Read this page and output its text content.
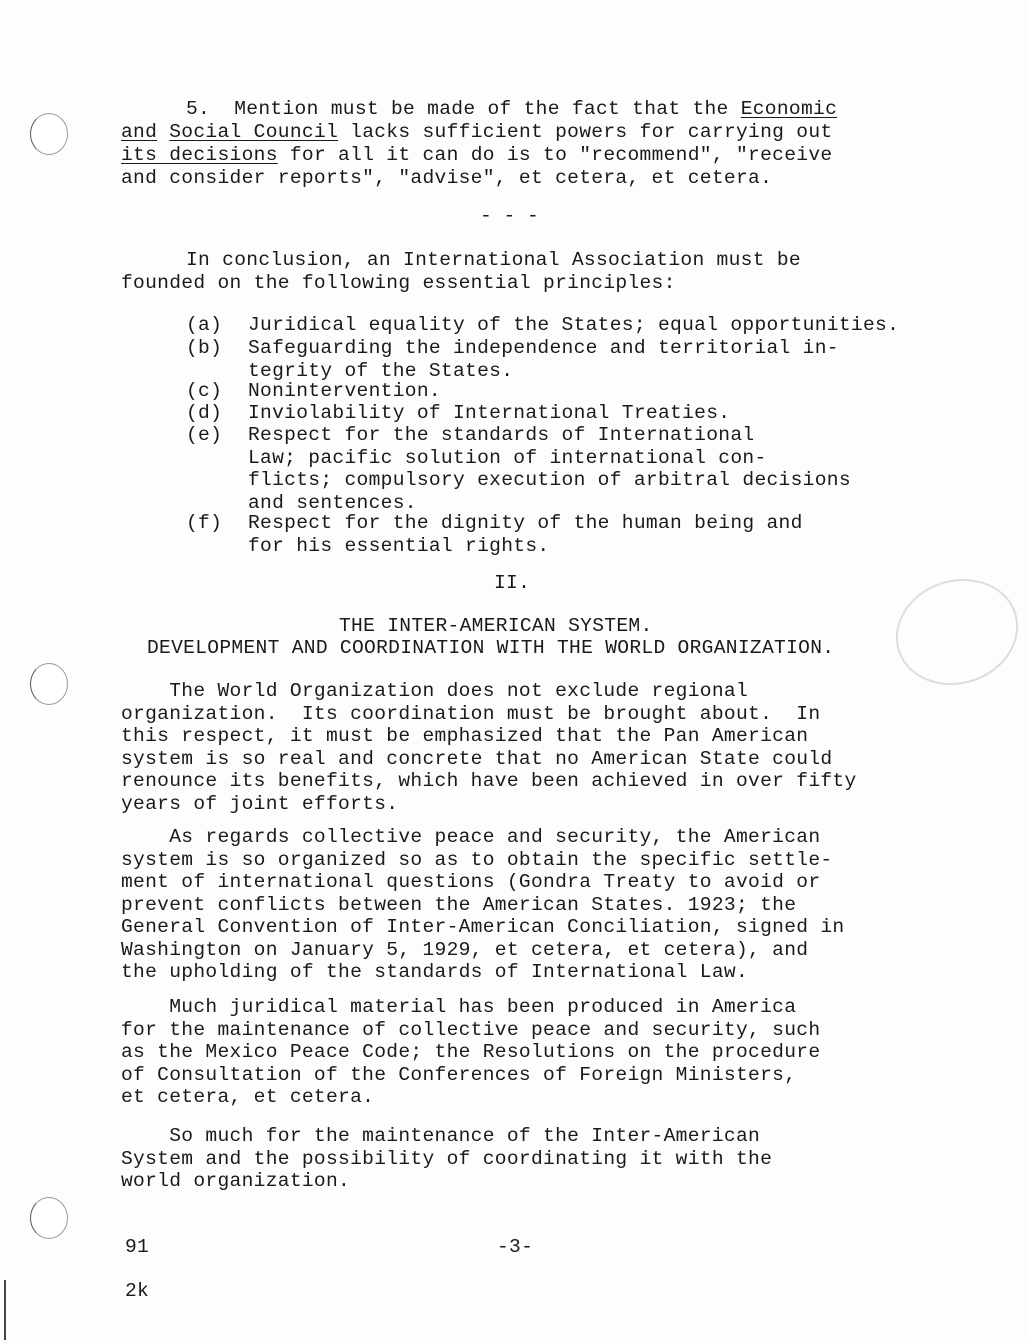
5.  Mention must be made of the fact that the Economic
and Social Council lacks sufficient powers for carrying out
its decisions for all it can do is to "recommend", "receive
and consider reports", "advise", et cetera, et cetera.
- - -
In conclusion, an International Association must be
founded on the following essential principles:
(a) Juridical equality of the States; equal opportunities.
(b) Safeguarding the independence and territorial in-
tegrity of the States.
(c) Nonintervention.
(d) Inviolability of International Treaties.
(e) Respect for the standards of International
Law; pacific solution of international con-
flicts; compulsory execution of arbitral decisions
and sentences.
(f) Respect for the dignity of the human being and
for his essential rights.
II.
THE INTER-AMERICAN SYSTEM.
DEVELOPMENT AND COORDINATION WITH THE WORLD ORGANIZATION.
The World Organization does not exclude regional
organization.  Its coordination must be brought about.  In
this respect, it must be emphasized that the Pan American
system is so real and concrete that no American State could
renounce its benefits, which have been achieved in over fifty
years of joint efforts.
As regards collective peace and security, the American
system is so organized so as to obtain the specific settle-
ment of international questions (Gondra Treaty to avoid or
prevent conflicts between the American States. 1923; the
General Convention of Inter-American Conciliation, signed in
Washington on January 5, 1929, et cetera, et cetera), and
the upholding of the standards of International Law.
Much juridical material has been produced in America
for the maintenance of collective peace and security, such
as the Mexico Peace Code; the Resolutions on the procedure
of Consultation of the Conferences of Foreign Ministers,
et cetera, et cetera.
So much for the maintenance of the Inter-American
System and the possibility of coordinating it with the
world organization.
91	-3-
2k
